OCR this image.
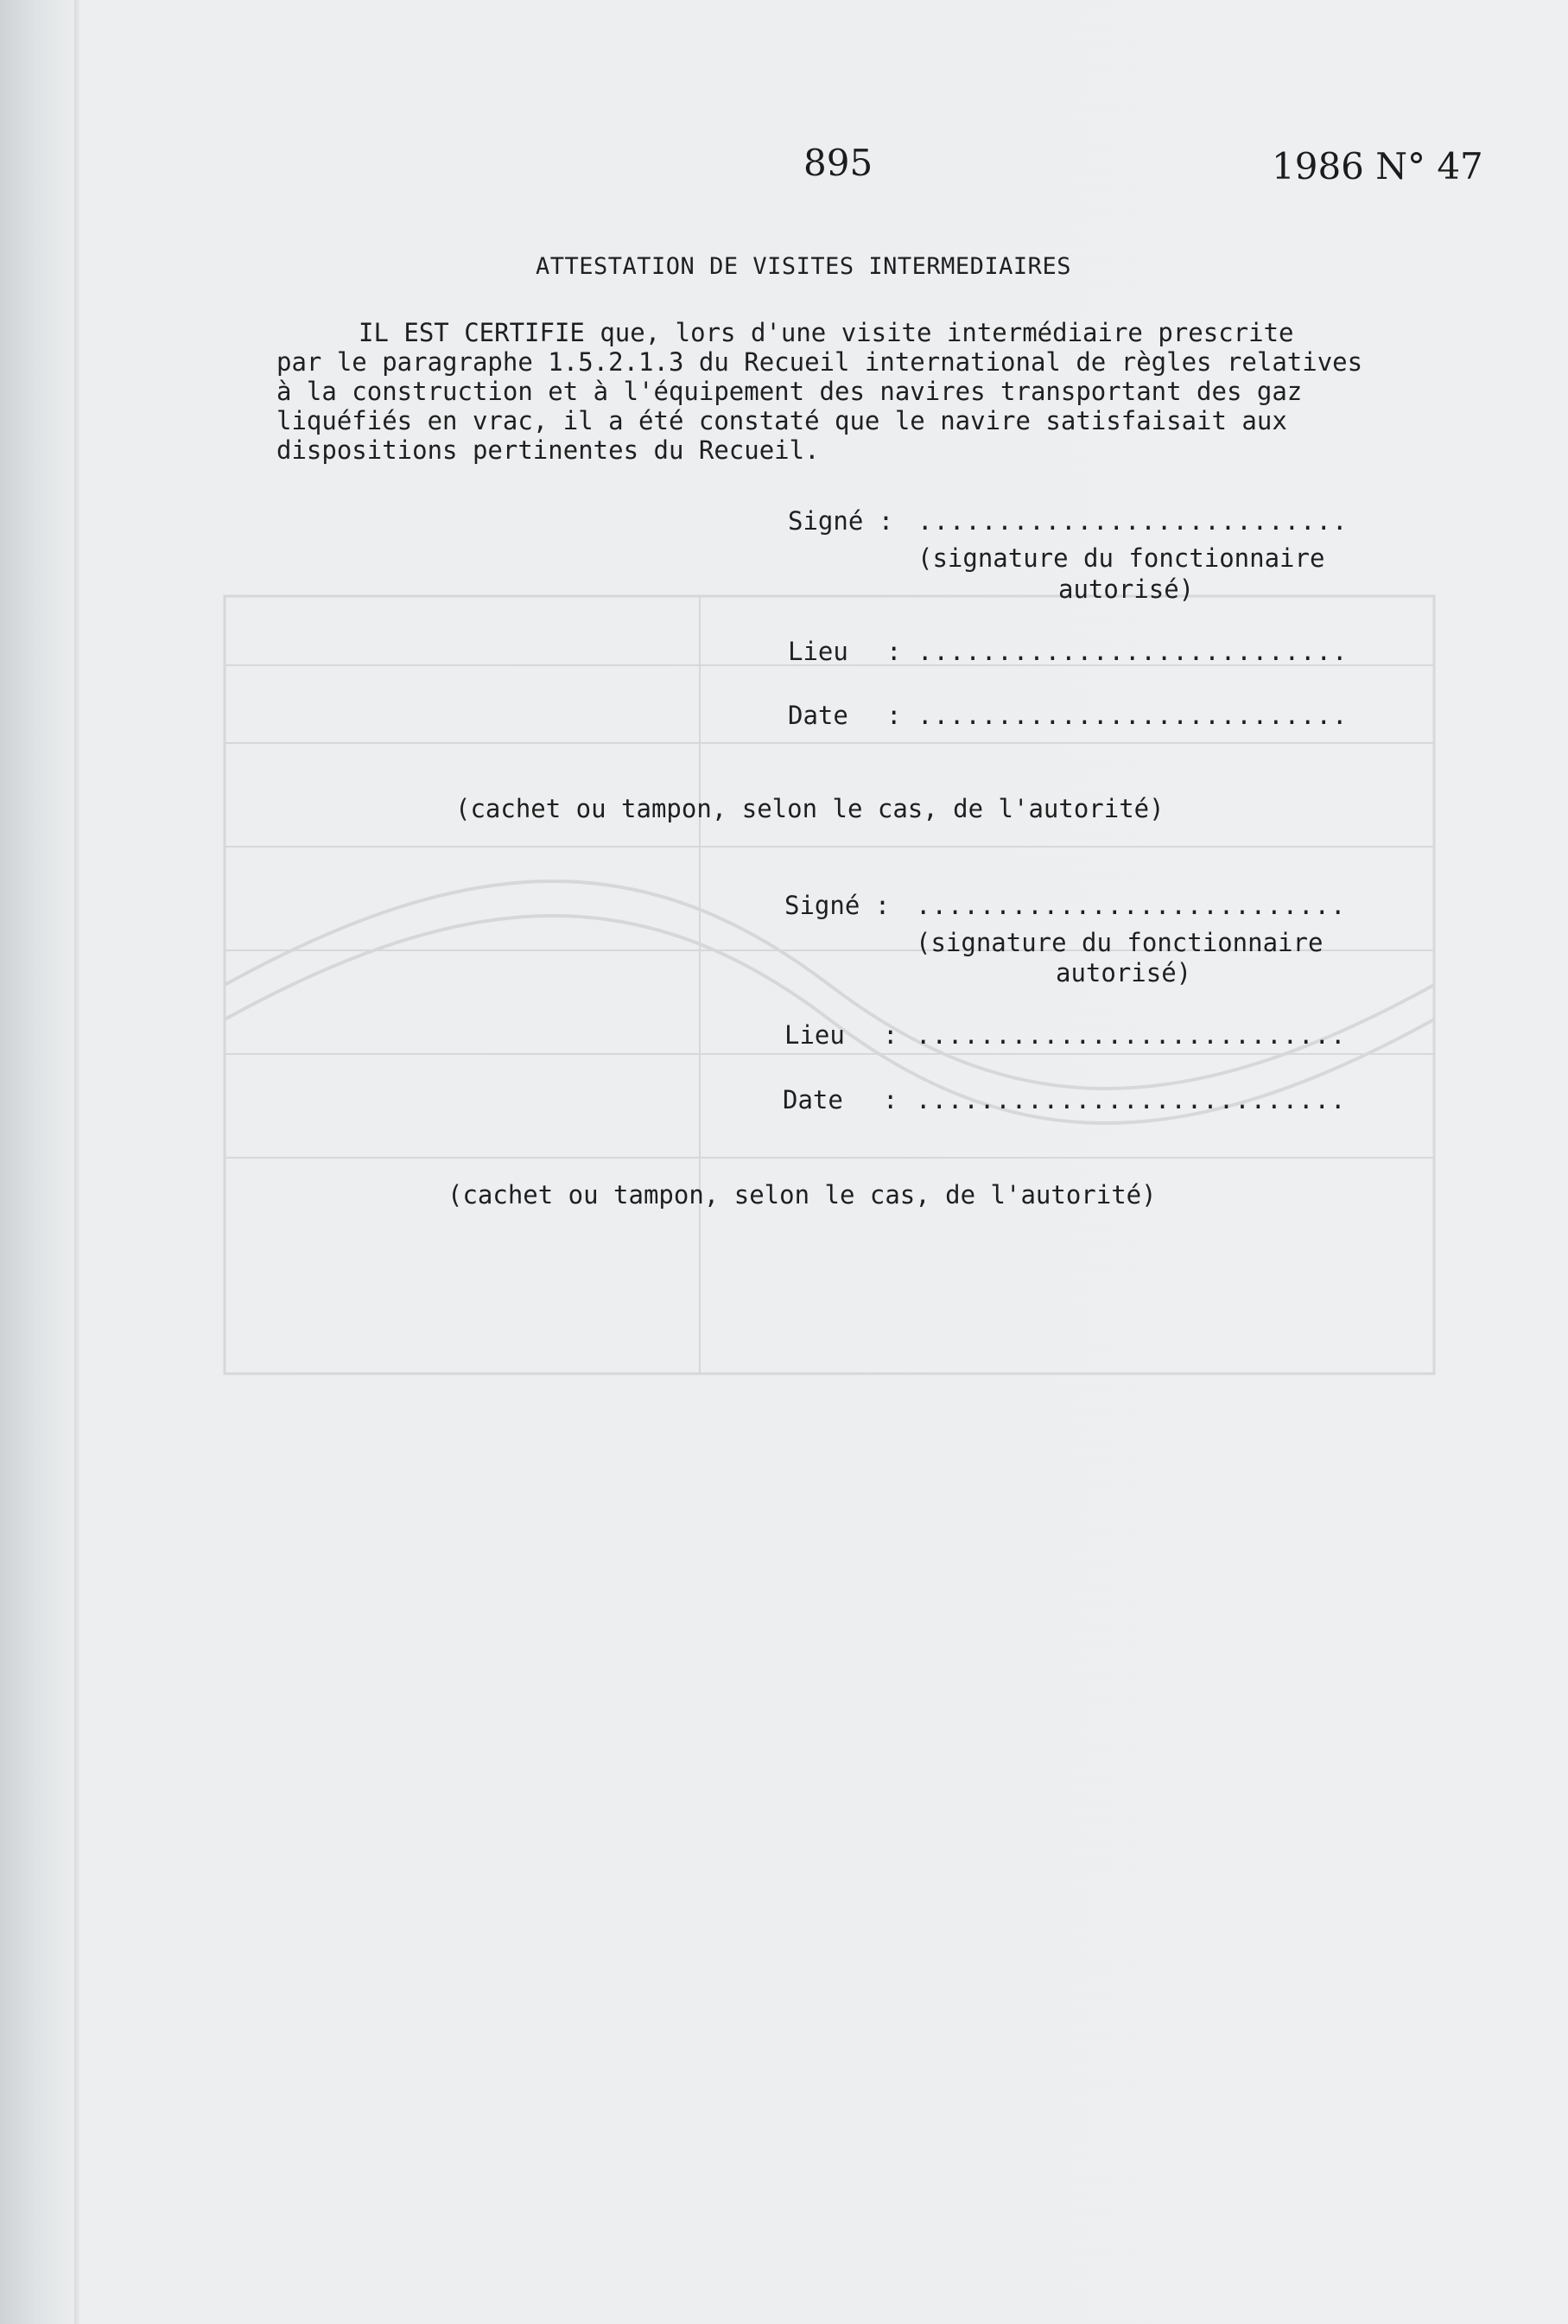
895	1986 N° 47
ATTESTATION DE VISITES INTERMEDIAIRES
IL EST CERTIFIE que, lors d'une visite intermédiaire prescrite
par le paragraphe 1.5.2.1.3 du Recueil international de règles relatives
à la construction et à l'équipement des navires transportant des gaz
liquéfiés en vrac, il a été constaté que le navire satisfaisait aux
dispositions pertinentes du Recueil.
Signé : ...........................
(signature du fonctionnaire
autorisé)
Lieu : ...........................
Date : ...........................
(cachet ou tampon, selon le cas, de l'autorité)
Signé : ...........................
(signature du fonctionnaire
autorisé)
Lieu : ...........................
Date : ...........................
(cachet ou tampon, selon le cas, de l'autorité)
